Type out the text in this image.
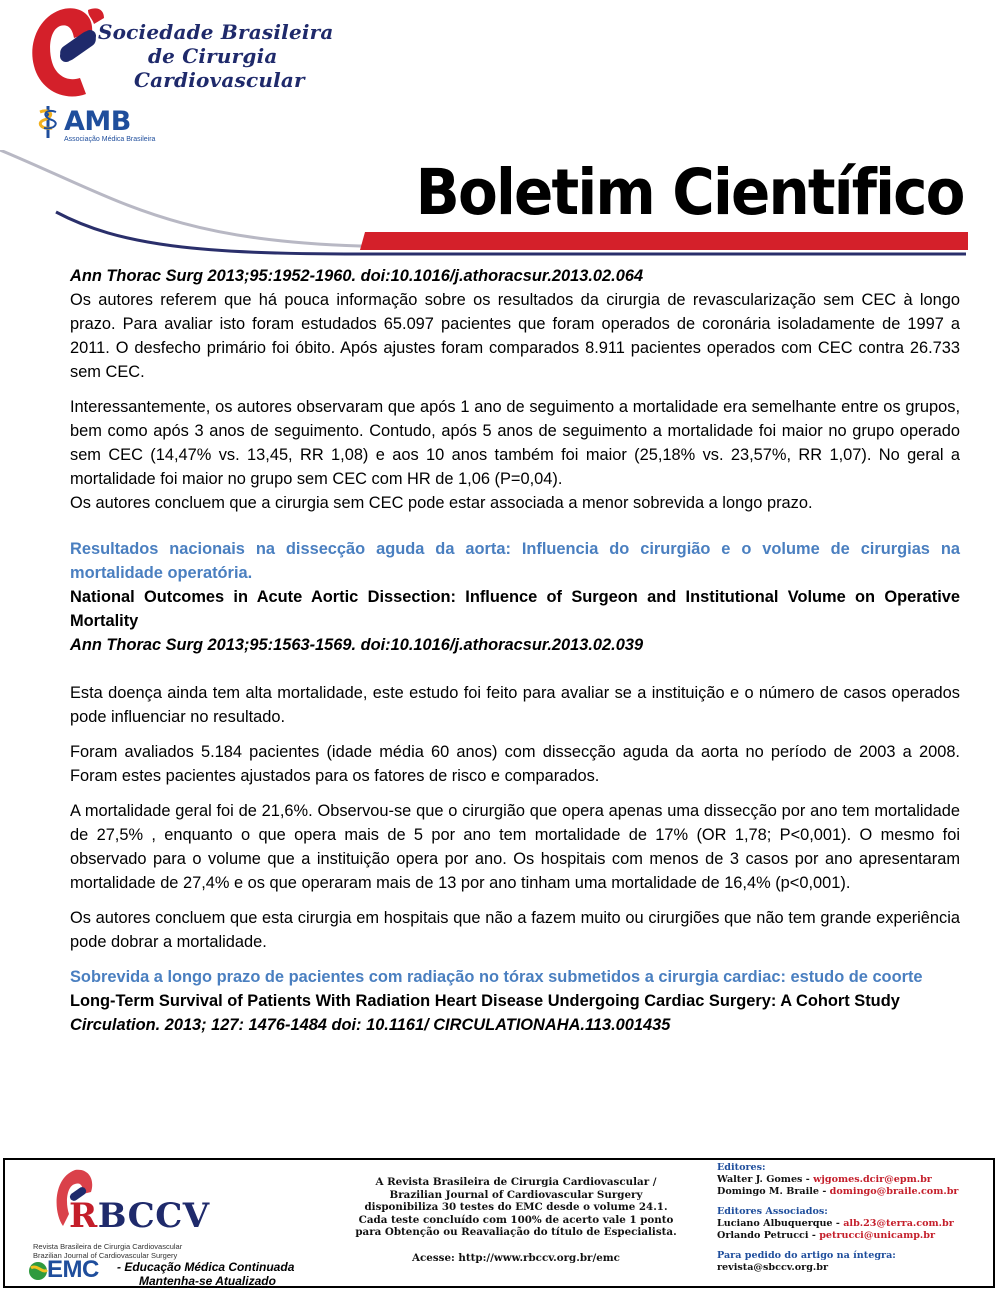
Sociedade Brasileira
de Cirurgia
Cardiovascular
AMB
Associação Médica Brasileira
Boletim Científico

Ann Thorac Surg 2013;95:1952-1960. doi:10.1016/j.athoracsur.2013.02.064

Os autores referem que há pouca informação sobre os resultados da cirurgia de revascularização sem CEC à longo prazo. Para avaliar isto foram estudados 65.097 pacientes que foram operados de coronária isoladamente de 1997 a 2011. O desfecho primário foi óbito. Após ajustes foram comparados 8.911 pacientes operados com CEC contra 26.733 sem CEC.

Interessantemente, os autores observaram que após 1 ano de seguimento a mortalidade era semelhante entre os grupos, bem como após 3 anos de seguimento. Contudo, após 5 anos de seguimento a mortalidade foi maior no grupo operado sem CEC (14,47% vs. 13,45, RR 1,08) e aos 10 anos também foi maior (25,18% vs. 23,57%, RR 1,07). No geral a mortalidade foi maior no grupo sem CEC com HR de 1,06 (P=0,04).

Os autores concluem que a cirurgia sem CEC pode estar associada a menor sobrevida a longo prazo.

Resultados nacionais na dissecção aguda da aorta: Influencia do cirurgião e o volume de cirurgias na mortalidade operatória.

National Outcomes in Acute Aortic Dissection: Influence of Surgeon and Institutional Volume on Operative Mortality

Ann Thorac Surg 2013;95:1563-1569. doi:10.1016/j.athoracsur.2013.02.039

Esta doença ainda tem alta mortalidade, este estudo foi feito para avaliar se a instituição e o número de casos operados pode influenciar no resultado.

Foram avaliados 5.184 pacientes (idade média 60 anos) com dissecção aguda da aorta no período de 2003 a 2008. Foram estes pacientes ajustados para os fatores de risco e comparados.

A mortalidade geral foi de 21,6%. Observou-se que o cirurgião que opera apenas uma dissecção por ano tem mortalidade de 27,5% , enquanto o que opera mais de 5 por ano tem mortalidade de 17% (OR 1,78; P<0,001). O mesmo foi observado para o volume que a instituição opera por ano. Os hospitais com menos de 3 casos por ano apresentaram mortalidade de 27,4% e os que operaram mais de 13 por ano tinham uma mortalidade de 16,4% (p<0,001).

Os autores concluem que esta cirurgia em hospitais que não a fazem muito ou cirurgiões que não tem grande experiência pode dobrar a mortalidade.

Sobrevida a longo prazo de pacientes com radiação no tórax submetidos a cirurgia cardiac: estudo de coorte

Long-Term Survival of Patients With Radiation Heart Disease Undergoing Cardiac Surgery: A Cohort Study

Circulation. 2013; 127: 1476-1484 doi: 10.1161/ CIRCULATIONAHA.113.001435

RBCCV
Revista Brasileira de Cirurgia Cardiovascular
Brazilian Journal of Cardiovascular Surgery
EMC - Educação Médica Continuada
Mantenha-se Atualizado
A Revista Brasileira de Cirurgia Cardiovascular / Brazilian Journal of Cardiovascular Surgery disponibiliza 30 testes do EMC desde o volume 24.1. Cada teste concluído com 100% de acerto vale 1 ponto para Obtenção ou Reavaliação do título de Especialista.
Acesse: http://www.rbccv.org.br/emc
Editores:
Walter J. Gomes - wjgomes.dcir@epm.br
Domingo M. Braile - domingo@braile.com.br
Editores Associados:
Luciano Albuquerque - alb.23@terra.com.br
Orlando Petrucci - petrucci@unicamp.br
Para pedido do artigo na íntegra:
revista@sbccv.org.br
